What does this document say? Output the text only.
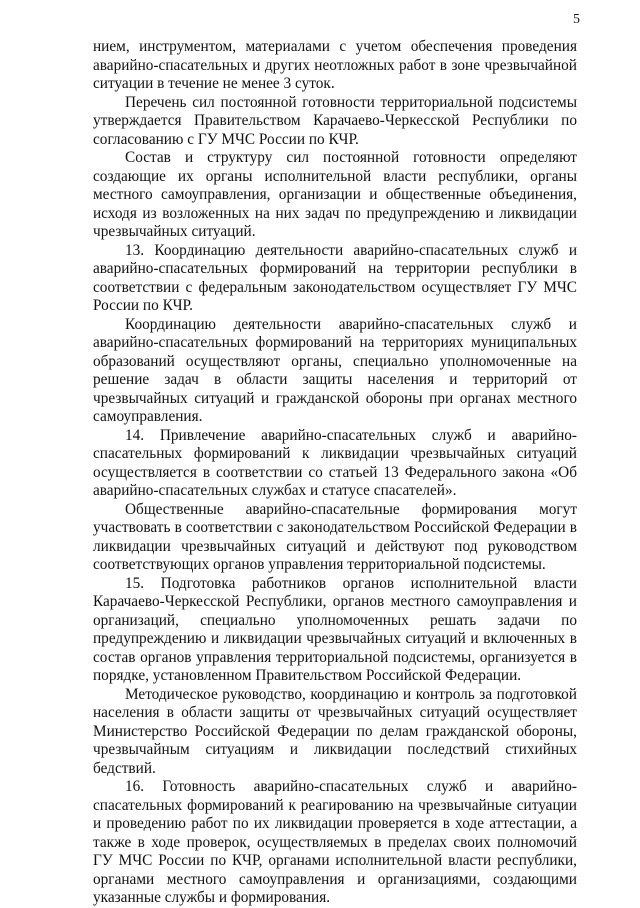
5

нием, инструментом, материалами с учетом обеспечения проведения аварийно-спасательных и других неотложных работ в зоне чрезвычайной ситуации в течение не менее 3 суток.

Перечень сил постоянной готовности территориальной подсистемы утверждается Правительством Карачаево-Черкесской Республики по согласованию с ГУ МЧС России по КЧР.

Состав и структуру сил постоянной готовности определяют создающие их органы исполнительной власти республики, органы местного самоуправления, организации и общественные объединения, исходя из возложенных на них задач по предупреждению и ликвидации чрезвычайных ситуаций.

13. Координацию деятельности аварийно-спасательных служб и аварийно-спасательных формирований на территории республики в соответствии с федеральным законодательством осуществляет ГУ МЧС России по КЧР.

Координацию деятельности аварийно-спасательных служб и аварийно-спасательных формирований на территориях муниципальных образований осуществляют органы, специально уполномоченные на решение задач в области защиты населения и территорий от чрезвычайных ситуаций и гражданской обороны при органах местного самоуправления.

14. Привлечение аварийно-спасательных служб и аварийно-спасательных формирований к ликвидации чрезвычайных ситуаций осуществляется в соответствии со статьей 13 Федерального закона «Об аварийно-спасательных службах и статусе спасателей».

Общественные аварийно-спасательные формирования могут участвовать в соответствии с законодательством Российской Федерации в ликвидации чрезвычайных ситуаций и действуют под руководством соответствующих органов управления территориальной подсистемы.

15. Подготовка работников органов исполнительной власти Карачаево-Черкесской Республики, органов местного самоуправления и организаций, специально уполномоченных решать задачи по предупреждению и ликвидации чрезвычайных ситуаций и включенных в состав органов управления территориальной подсистемы, организуется в порядке, установленном Правительством Российской Федерации.

Методическое руководство, координацию и контроль за подготовкой населения в области защиты от чрезвычайных ситуаций осуществляет Министерство Российской Федерации по делам гражданской обороны, чрезвычайным ситуациям и ликвидации последствий стихийных бедствий.

16. Готовность аварийно-спасательных служб и аварийно-спасательных формирований к реагированию на чрезвычайные ситуации и проведению работ по их ликвидации проверяется в ходе аттестации, а также в ходе проверок, осуществляемых в пределах своих полномочий ГУ МЧС России по КЧР, органами исполнительной власти республики, органами местного самоуправления и организациями, создающими указанные службы и формирования.
